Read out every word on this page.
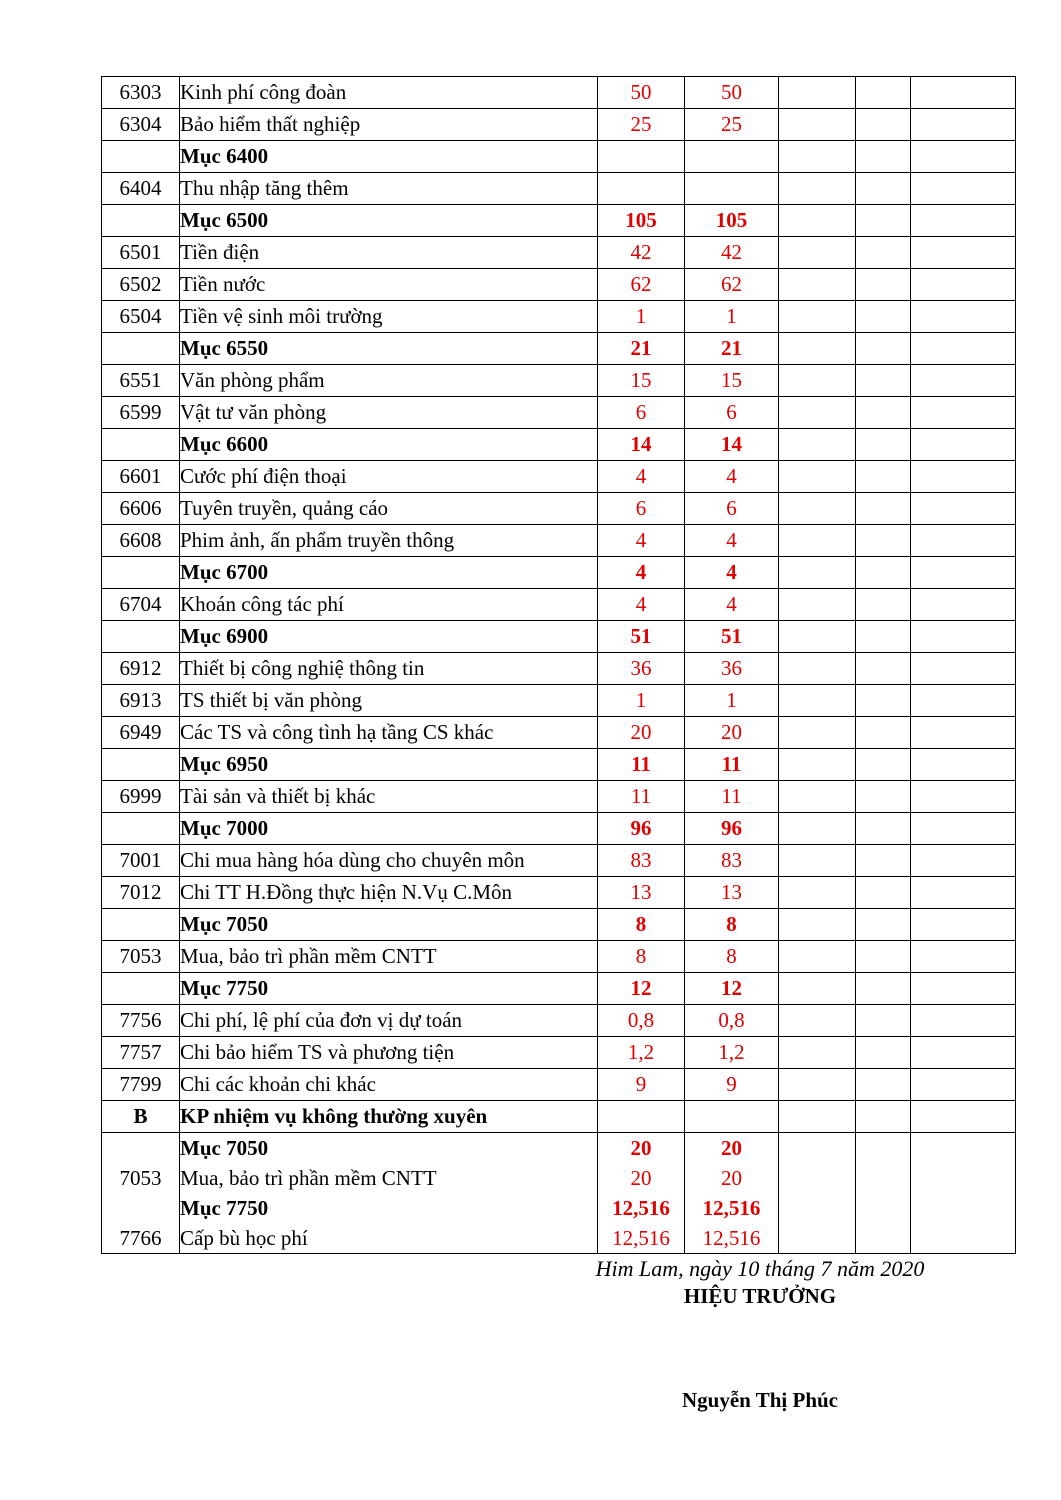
6303	Kinh phí công đoàn	50	50			
6304	Bảo hiểm thất nghiệp	25	25			
	Mục 6400					
6404	Thu nhập tăng thêm					
	Mục 6500	105	105			
6501	Tiền điện	42	42			
6502	Tiền nước	62	62			
6504	Tiền vệ sinh môi trường	1	1			
	Mục 6550	21	21			
6551	Văn phòng phẩm	15	15			
6599	Vật tư văn phòng	6	6			
	Mục 6600	14	14			
6601	Cước phí điện thoại	4	4			
6606	Tuyên truyền, quảng cáo	6	6			
6608	Phim ảnh, ấn phẩm truyền thông	4	4			
	Mục 6700	4	4			
6704	Khoán công tác phí	4	4			
	Mục 6900	51	51			
6912	Thiết bị công nghiệ thông tin	36	36			
6913	TS thiết bị văn phòng	1	1			
6949	Các TS và công tình hạ tầng CS khác	20	20			
	Mục 6950	11	11			
6999	Tài sản và thiết bị khác	11	11			
	Mục 7000	96	96			
7001	Chi mua hàng hóa dùng cho chuyên môn	83	83			
7012	Chi TT H.Đồng thực hiện N.Vụ C.Môn	13	13			
	Mục 7050	8	8			
7053	Mua, bảo trì phần mềm CNTT	8	8			
	Mục 7750	12	12			
7756	Chi phí, lệ phí của đơn vị dự toán	0,8	0,8			
7757	Chi bảo hiểm TS và phương tiện	1,2	1,2			
7799	Chi các khoản chi khác	9	9			
B	KP nhiệm vụ không thường xuyên					
	Mục 7050	20	20			
7053	Mua, bảo trì phần mềm CNTT	20	20			
	Mục 7750	12,516	12,516			
7766	Cấp bù học phí	12,516	12,516			
Him Lam, ngày 10 tháng 7 năm 2020
HIỆU TRƯỞNG
Nguyễn Thị Phúc
